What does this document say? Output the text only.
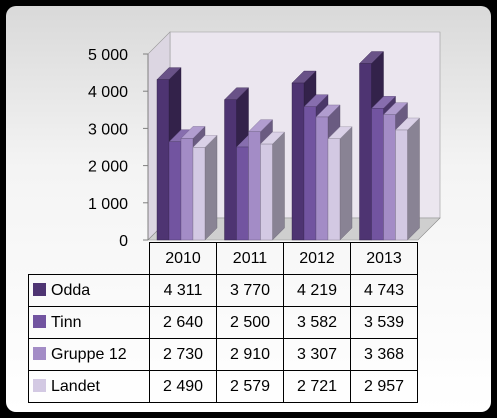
0
1 000
2 000
3 000
4 000
5 000
	2010	2011	2012	2013
Odda	4 311	3 770	4 219	4 743
Tinn	2 640	2 500	3 582	3 539
Gruppe 12	2 730	2 910	3 307	3 368
Landet	2 490	2 579	2 721	2 957
